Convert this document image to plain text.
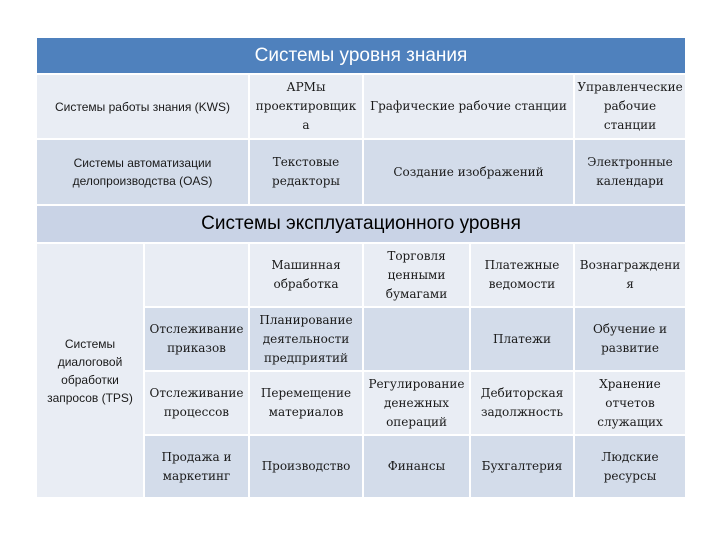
Системы уровня знания
Системы работы знания (KWS)
АРМы проектировщик а
Графические рабочие станции
Управленческие рабочие станции
Системы автоматизации делопроизводства (OAS)
Текстовые редакторы
Создание изображений
Электронные календари
Системы эксплуатационного уровня
Системы диалоговой обработки запросов (TPS)
Машинная обработка
Торговля ценными бумагами
Платежные ведомости
Вознаграждени я
Отслеживание приказов
Планирование деятельности предприятий
Платежи
Обучение и развитие
Отслеживание процессов
Перемещение материалов
Регулирование денежных операций
Дебиторская задолжность
Хранение отчетов служащих
Продажа и маркетинг
Производство	Финансы	Бухгалтерия
Людские ресурсы
